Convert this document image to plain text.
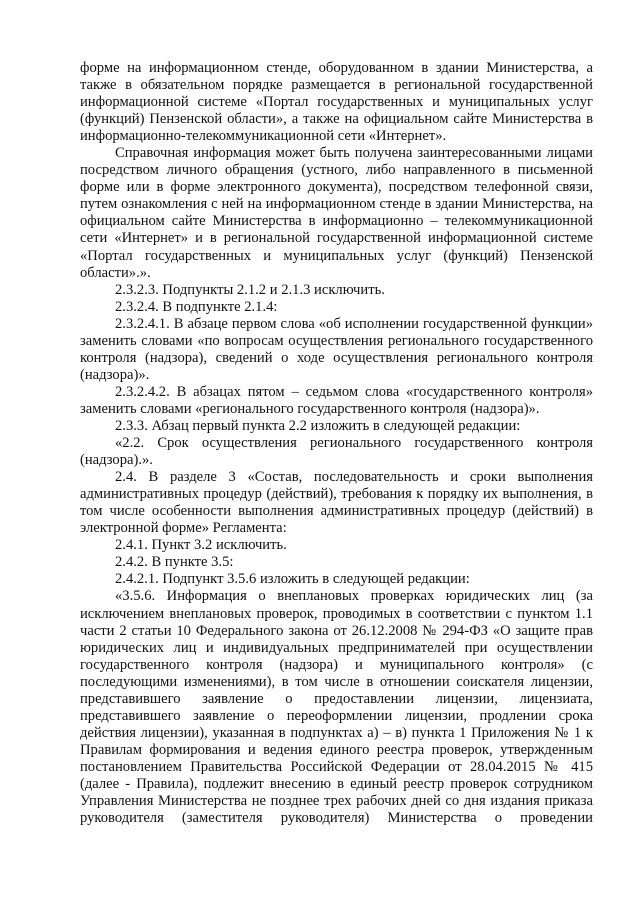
форме на информационном стенде, оборудованном в здании Министерства, а также в обязательном порядке размещается в региональной государственной информационной системе «Портал государственных и муниципальных услуг (функций) Пензенской области», а также на официальном сайте Министерства в информационно-телекоммуникационной сети «Интернет».

Справочная информация может быть получена заинтересованными лицами посредством личного обращения (устного, либо направленного в письменной форме или в форме электронного документа), посредством телефонной связи, путем ознакомления с ней на информационном стенде в здании Министерства, на официальном сайте Министерства в информационно – телекоммуникационной сети «Интернет» и в региональной государственной информационной системе «Портал государственных и муниципальных услуг (функций) Пензенской области».».

2.3.2.3. Подпункты 2.1.2 и 2.1.3 исключить.

2.3.2.4. В подпункте 2.1.4:

2.3.2.4.1. В абзаце первом слова «об исполнении государственной функции» заменить словами «по вопросам осуществления регионального государственного контроля (надзора), сведений о ходе осуществления регионального контроля (надзора)».

2.3.2.4.2. В абзацах пятом – седьмом слова «государственного контроля» заменить словами «регионального государственного контроля (надзора)».

2.3.3. Абзац первый пункта 2.2 изложить в следующей редакции:

«2.2. Срок осуществления регионального государственного контроля (надзора).».

2.4. В разделе 3 «Состав, последовательность и сроки выполнения административных процедур (действий), требования к порядку их выполнения, в том числе особенности выполнения административных процедур (действий) в электронной форме» Регламента:

2.4.1. Пункт 3.2 исключить.

2.4.2. В пункте 3.5:

2.4.2.1. Подпункт 3.5.6 изложить в следующей редакции:

«3.5.6. Информация о внеплановых проверках юридических лиц (за исключением внеплановых проверок, проводимых в соответствии с пунктом 1.1 части 2 статьи 10 Федерального закона от 26.12.2008 № 294-ФЗ «О защите прав юридических лиц и индивидуальных предпринимателей при осуществлении государственного контроля (надзора) и муниципального контроля» (с последующими изменениями), в том числе в отношении соискателя лицензии, представившего заявление о предоставлении лицензии, лицензиата, представившего заявление о переоформлении лицензии, продлении срока действия лицензии), указанная в подпунктах а) – в) пункта 1 Приложения № 1 к Правилам формирования и ведения единого реестра проверок, утвержденным постановлением Правительства Российской Федерации от 28.04.2015 № 415 (далее - Правила), подлежит внесению в единый реестр проверок сотрудником Управления Министерства не позднее трех рабочих дней со дня издания приказа руководителя (заместителя руководителя) Министерства о проведении
